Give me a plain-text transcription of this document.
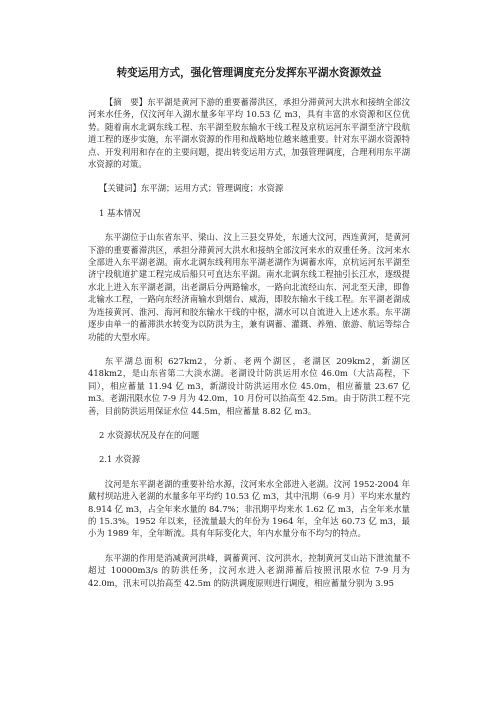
转变运用方式，强化管理调度充分发挥东平湖水资源效益

【摘　要】东平湖是黄河下游的重要蓄滞洪区，承担分滞黄河大洪水和接纳全部汶河来水任务，仅汶河年入湖水量多年平均 10.53 亿 m3，具有丰富的水资源和区位优势。随着南水北调东线工程、东平湖至胶东输水干线工程及京杭运河东平湖至济宁段航道工程的逐步实施，东平湖水资源的作用和战略地位越来越重要。针对东平湖水资源特点、开发利用和存在的主要问题，提出转变运用方式，加强管理调度，合理利用东平湖水资源的对策。

【关键词】东平湖；运用方式；管理调度；水资源

1 基本情况

东平湖位于山东省东平、梁山、汶上三县交界处，东通大汶河，西连黄河，是黄河下游的重要蓄滞洪区，承担分滞黄河大洪水和接纳全部汶河来水的双重任务。汶河来水全部进入东平湖老湖。南水北调东线利用东平湖老湖作为调蓄水库，京杭运河东平湖至济宁段航道扩建工程完成后船只可直达东平湖。南水北调东线工程抽引长江水，逐级提水北上进入东平湖老湖，出老湖后分两路输水，一路向北流经山东、河北至天津，即鲁北输水工程，一路向东经济南输水到烟台、威海，即胶东输水干线工程。东平湖老湖成为连接黄河、淮河、海河和胶东输水干线的中枢，湖水可以自流进入上述水系。东平湖逐步由单一的蓄滞洪水转变为以防洪为主，兼有调蓄、灌溉、养殖、旅游、航运等综合功能的大型水库。

东平湖总面积 627km2，分新、老两个湖区，老湖区 209km2，新湖区 418km2，是山东省第二大淡水湖。老湖设计防洪运用水位 46.0m（大沽高程，下同），相应蓄量 11.94 亿 m3，新湖设计防洪运用水位 45.0m，相应蓄量 23.67 亿 m3。老湖汛限水位 7-9 月为 42.0m，10 月份可以抬高至 42.5m。由于防洪工程不完善，目前防洪运用保证水位 44.5m，相应蓄量 8.82 亿 m3。

2 水资源状况及存在的问题

2.1 水资源

汶河是东平湖老湖的重要补给水源，汶河来水全部进入老湖。汶河 1952-2004 年戴村坝站进入老湖的水量多年平均约 10.53 亿 m3，其中汛期（6-9 月）平均来水量约 8.914 亿 m3，占全年来水量的 84.7%；非汛期平均来水 1.62 亿 m3，占全年来水量的 15.3%。1952 年以来，径流量最大的年份为 1964 年，全年达 60.73 亿 m3，最小为 1989 年，全年断流。具有年际变化大，年内水量分布不均匀的特点。

东平湖的作用是消减黄河洪峰，调蓄黄河、汶河洪水，控制黄河艾山站下泄流量不超过 10000m3/s 的防洪任务，汶河水进入老湖滞蓄后按照汛限水位 7-9 月为 42.0m，汛末可以抬高至 42.5m 的防洪调度原则进行调度，相应蓄量分别为 3.95
